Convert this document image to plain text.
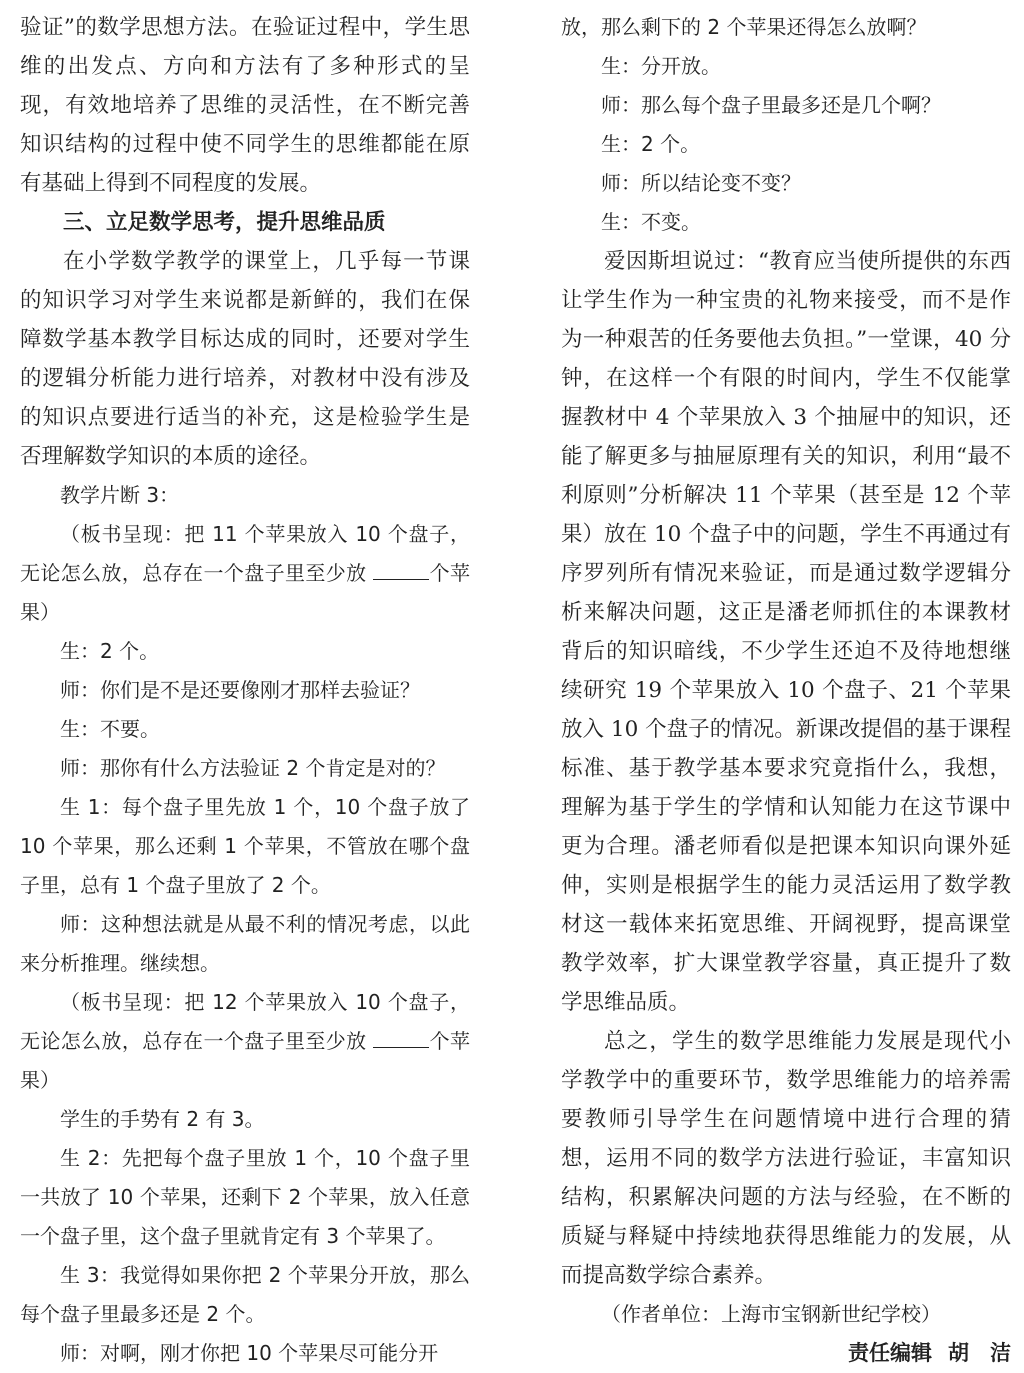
验证”的数学思想方法。在验证过程中，学生思维的出发点、方向和方法有了多种形式的呈现，有效地培养了思维的灵活性，在不断完善知识结构的过程中使不同学生的思维都能在原有基础上得到不同程度的发展。

三、立足数学思考，提升思维品质

在小学数学教学的课堂上，几乎每一节课的知识学习对学生来说都是新鲜的，我们在保障数学基本教学目标达成的同时，还要对学生的逻辑分析能力进行培养，对教材中没有涉及的知识点要进行适当的补充，这是检验学生是否理解数学知识的本质的途径。

教学片断 3：

（板书呈现：把 11 个苹果放入 10 个盘子，无论怎么放，总存在一个盘子里至少放	个苹果）

生：2 个。

师：你们是不是还要像刚才那样去验证？

生：不要。

师：那你有什么方法验证 2 个肯定是对的？

生 1：每个盘子里先放 1 个，10 个盘子放了 10 个苹果，那么还剩 1 个苹果，不管放在哪个盘子里，总有 1 个盘子里放了 2 个。

师：这种想法就是从最不利的情况考虑，以此来分析推理。继续想。

（板书呈现：把 12 个苹果放入 10 个盘子，无论怎么放，总存在一个盘子里至少放	个苹果）

学生的手势有 2 有 3。

生 2：先把每个盘子里放 1 个，10 个盘子里一共放了 10 个苹果，还剩下 2 个苹果，放入任意一个盘子里，这个盘子里就肯定有 3 个苹果了。

生 3：我觉得如果你把 2 个苹果分开放，那么每个盘子里最多还是 2 个。

师：对啊，刚才你把 10 个苹果尽可能分开

放，那么剩下的 2 个苹果还得怎么放啊？

生：分开放。

师：那么每个盘子里最多还是几个啊？

生：2 个。

师：所以结论变不变？

生：不变。

爱因斯坦说过：“教育应当使所提供的东西让学生作为一种宝贵的礼物来接受，而不是作为一种艰苦的任务要他去负担。”一堂课，40 分钟，在这样一个有限的时间内，学生不仅能掌握教材中 4 个苹果放入 3 个抽屉中的知识，还能了解更多与抽屉原理有关的知识，利用“最不利原则”分析解决 11 个苹果（甚至是 12 个苹果）放在 10 个盘子中的问题，学生不再通过有序罗列所有情况来验证，而是通过数学逻辑分析来解决问题，这正是潘老师抓住的本课教材背后的知识暗线，不少学生还迫不及待地想继续研究 19 个苹果放入 10 个盘子、21 个苹果放入 10 个盘子的情况。新课改提倡的基于课程标准、基于教学基本要求究竟指什么，我想，理解为基于学生的学情和认知能力在这节课中更为合理。潘老师看似是把课本知识向课外延伸，实则是根据学生的能力灵活运用了数学教材这一载体来拓宽思维、开阔视野，提高课堂教学效率，扩大课堂教学容量，真正提升了数学思维品质。

总之，学生的数学思维能力发展是现代小学教学中的重要环节，数学思维能力的培养需要教师引导学生在问题情境中进行合理的猜想，运用不同的数学方法进行验证，丰富知识结构，积累解决问题的方法与经验，在不断的质疑与释疑中持续地获得思维能力的发展，从而提高数学综合素养。

（作者单位：上海市宝钢新世纪学校）

责任编辑 胡　洁
